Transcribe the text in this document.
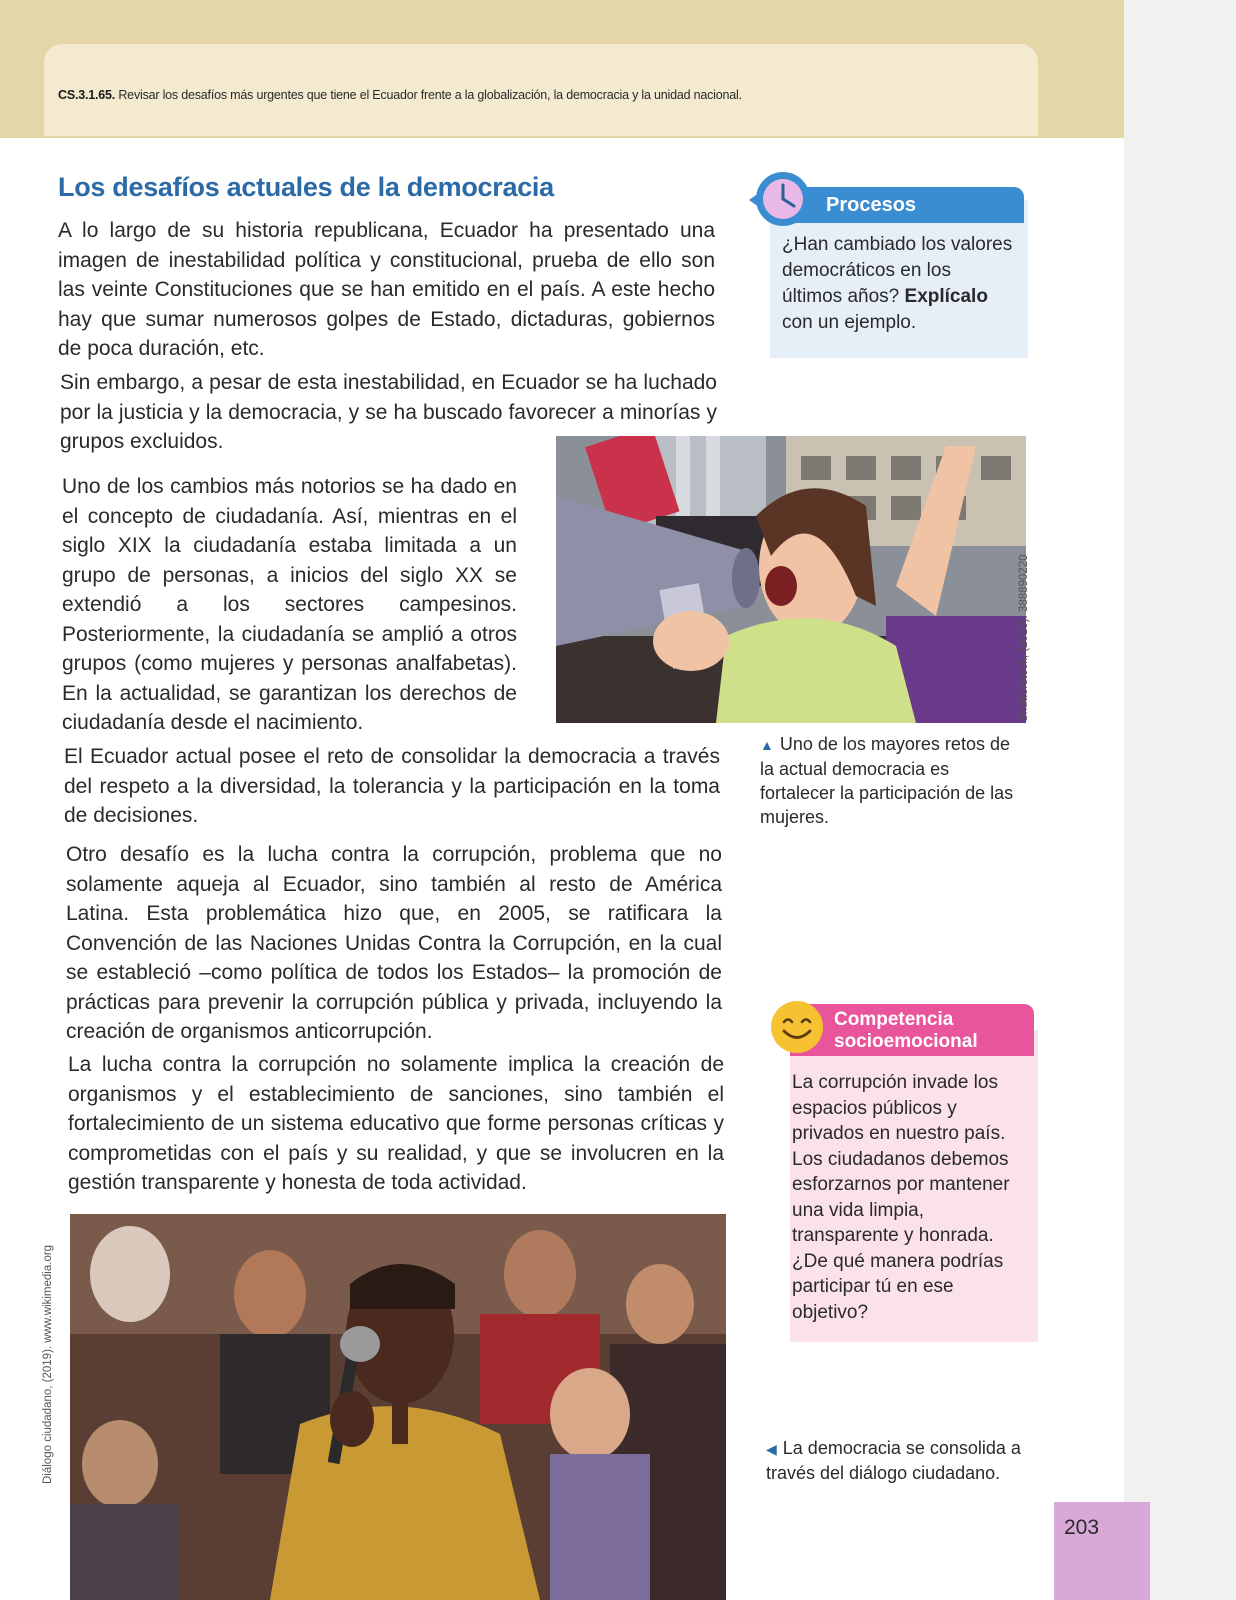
CS.3.1.65. Revisar los desafíos más urgentes que tiene el Ecuador frente a la globalización, la democracia y la unidad nacional.
Los desafíos actuales de la democracia

A lo largo de su historia republicana, Ecuador ha presentado una imagen de inestabilidad política y constitucional, prueba de ello son las veinte Constituciones que se han emitido en el país. A este hecho hay que sumar numerosos golpes de Estado, dictaduras, gobiernos de poca duración, etc.

Sin embargo, a pesar de esta inestabilidad, en Ecuador se ha luchado por la justicia y la democracia, y se ha buscado favorecer a minorías y grupos excluidos.

Uno de los cambios más notorios se ha dado en el concepto de ciudadanía. Así, mientras en el siglo XIX la ciudadanía estaba limitada a un grupo de personas, a inicios del siglo XX se extendió a los sectores campesinos. Posteriormente, la ciudadanía se amplió a otros grupos (como mujeres y personas analfabetas). En la actualidad, se garantizan los derechos de ciudadanía desde el nacimiento.

El Ecuador actual posee el reto de consolidar la democracia a través del respeto a la diversidad, la tolerancia y la participación en la toma de decisiones.

Otro desafío es la lucha contra la corrupción, problema que no solamente aqueja al Ecuador, sino también al resto de América Latina. Esta problemática hizo que, en 2005, se ratificara la Convención de las Naciones Unidas Contra la Corrupción, en la cual se estableció –como política de todos los Estados– la promoción de prácticas para prevenir la corrupción pública y privada, incluyendo la creación de organismos anticorrupción.

La lucha contra la corrupción no solamente implica la creación de organismos y el establecimiento de sanciones, sino también el fortalecimiento de un sistema educativo que forme personas críticas y comprometidas con el país y su realidad, y que se involucren en la gestión transparente y honesta de toda actividad.

Procesos

¿Han cambiado los valores democráticos en los últimos años? Explícalo con un ejemplo.

Shutterstock, (2019). 388890220

▲ Uno de los mayores retos de la actual democracia es fortalecer la participación de las mujeres.

Competencia
socioemocional

La corrupción invade los espacios públicos y privados en nuestro país. Los ciudadanos debemos esforzarnos por mantener una vida limpia, transparente y honrada. ¿De qué manera podrías participar tú en ese objetivo?

Diálogo ciudadano, (2019). www.wikimedia.org	◀ La democracia se consolida a través del diálogo ciudadano.

203
